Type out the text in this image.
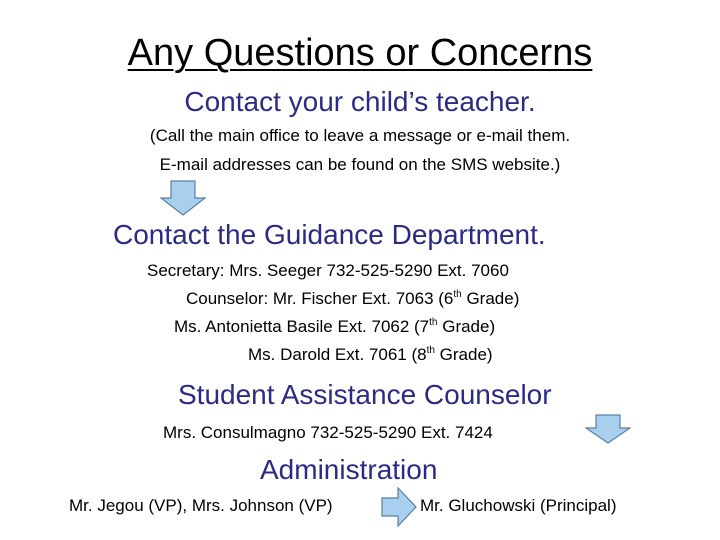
Any Questions or Concerns
Contact your child’s teacher.
(Call the main office to leave a message or e-mail them.
E-mail addresses can be found on the SMS website.)
Contact the Guidance Department.
Secretary: Mrs. Seeger 732-525-5290 Ext. 7060
Counselor: Mr. Fischer Ext. 7063 (6th Grade)
Ms. Antonietta Basile Ext. 7062 (7th Grade)
Ms. Darold Ext. 7061 (8th Grade)
Student Assistance Counselor
Mrs. Consulmagno 732-525-5290 Ext. 7424
Administration
Mr. Jegou (VP), Mrs. Johnson (VP)	Mr. Gluchowski (Principal)
